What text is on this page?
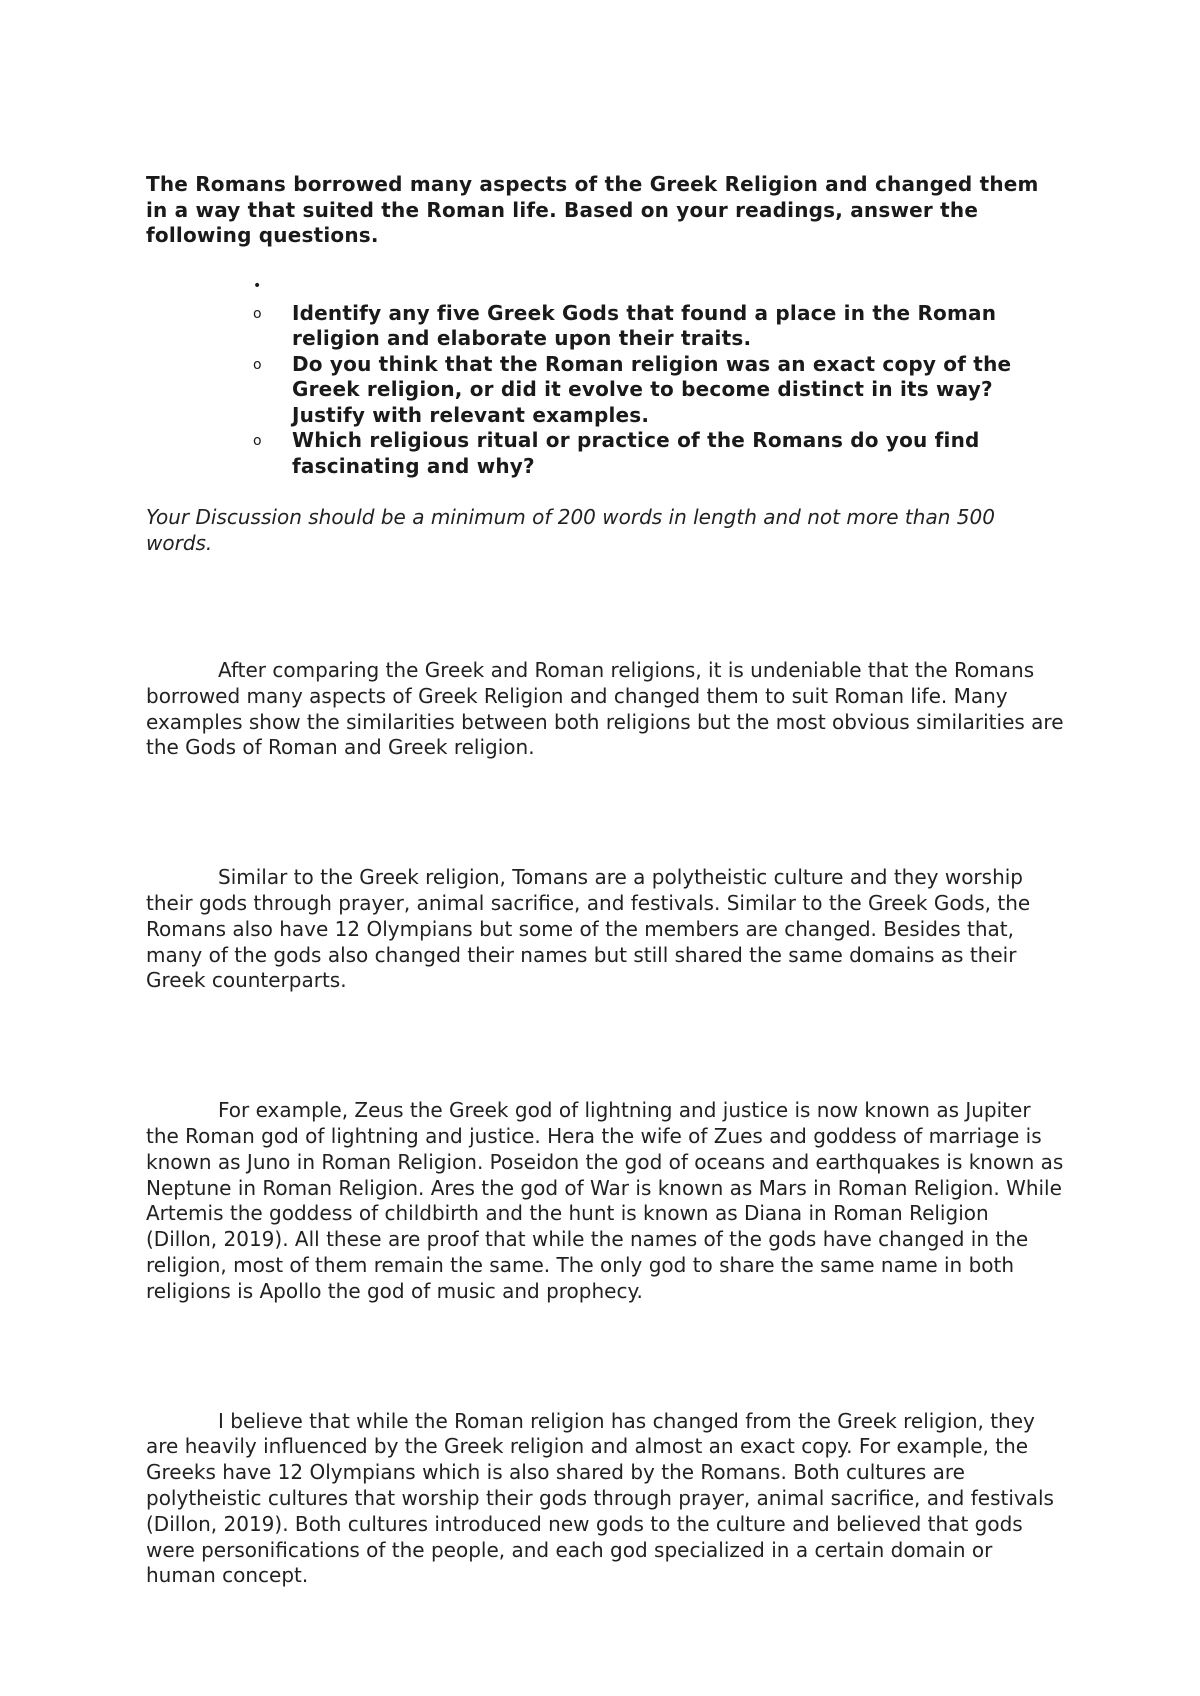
The Romans borrowed many aspects of the Greek Religion and changed them in a way that suited the Roman life. Based on your readings, answer the following questions.

•
o Identify any five Greek Gods that found a place in the Roman religion and elaborate upon their traits.
o Do you think that the Roman religion was an exact copy of the Greek religion, or did it evolve to become distinct in its way? Justify with relevant examples.
o Which religious ritual or practice of the Romans do you find fascinating and why?

Your Discussion should be a minimum of 200 words in length and not more than 500 words.

After comparing the Greek and Roman religions, it is undeniable that the Romans borrowed many aspects of Greek Religion and changed them to suit Roman life. Many examples show the similarities between both religions but the most obvious similarities are the Gods of Roman and Greek religion.

Similar to the Greek religion, Tomans are a polytheistic culture and they worship their gods through prayer, animal sacrifice, and festivals. Similar to the Greek Gods, the Romans also have 12 Olympians but some of the members are changed. Besides that, many of the gods also changed their names but still shared the same domains as their Greek counterparts.

For example, Zeus the Greek god of lightning and justice is now known as Jupiter the Roman god of lightning and justice. Hera the wife of Zues and goddess of marriage is known as Juno in Roman Religion. Poseidon the god of oceans and earthquakes is known as Neptune in Roman Religion. Ares the god of War is known as Mars in Roman Religion. While Artemis the goddess of childbirth and the hunt is known as Diana in Roman Religion (Dillon, 2019). All these are proof that while the names of the gods have changed in the religion, most of them remain the same. The only god to share the same name in both religions is Apollo the god of music and prophecy.

I believe that while the Roman religion has changed from the Greek religion, they are heavily influenced by the Greek religion and almost an exact copy. For example, the Greeks have 12 Olympians which is also shared by the Romans. Both cultures are polytheistic cultures that worship their gods through prayer, animal sacrifice, and festivals (Dillon, 2019). Both cultures introduced new gods to the culture and believed that gods were personifications of the people, and each god specialized in a certain domain or human concept.
